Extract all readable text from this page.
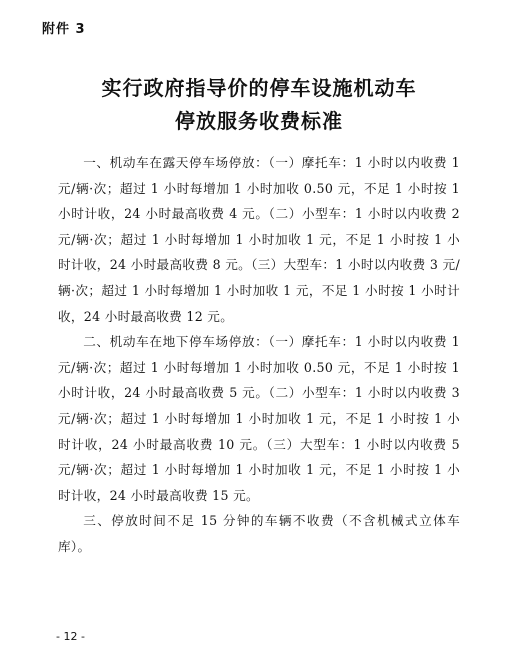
附件 3
实行政府指导价的停车设施机动车
停放服务收费标准

一、机动车在露天停车场停放：（一）摩托车：1 小时以内收费 1 元/辆·次；超过 1 小时每增加 1 小时加收 0.50 元，不足 1 小时按 1 小时计收，24 小时最高收费 4 元。（二）小型车：1 小时以内收费 2 元/辆·次；超过 1 小时每增加 1 小时加收 1 元，不足 1 小时按 1 小时计收，24 小时最高收费 8 元。（三）大型车：1 小时以内收费 3 元/辆·次；超过 1 小时每增加 1 小时加收 1 元，不足 1 小时按 1 小时计收，24 小时最高收费 12 元。

二、机动车在地下停车场停放：（一）摩托车：1 小时以内收费 1 元/辆·次；超过 1 小时每增加 1 小时加收 0.50 元，不足 1 小时按 1 小时计收，24 小时最高收费 5 元。（二）小型车：1 小时以内收费 3 元/辆·次；超过 1 小时每增加 1 小时加收 1 元，不足 1 小时按 1 小时计收，24 小时最高收费 10 元。（三）大型车：1 小时以内收费 5 元/辆·次；超过 1 小时每增加 1 小时加收 1 元，不足 1 小时按 1 小时计收，24 小时最高收费 15 元。

三、停放时间不足 15 分钟的车辆不收费（不含机械式立体车库）。

- 12 -
